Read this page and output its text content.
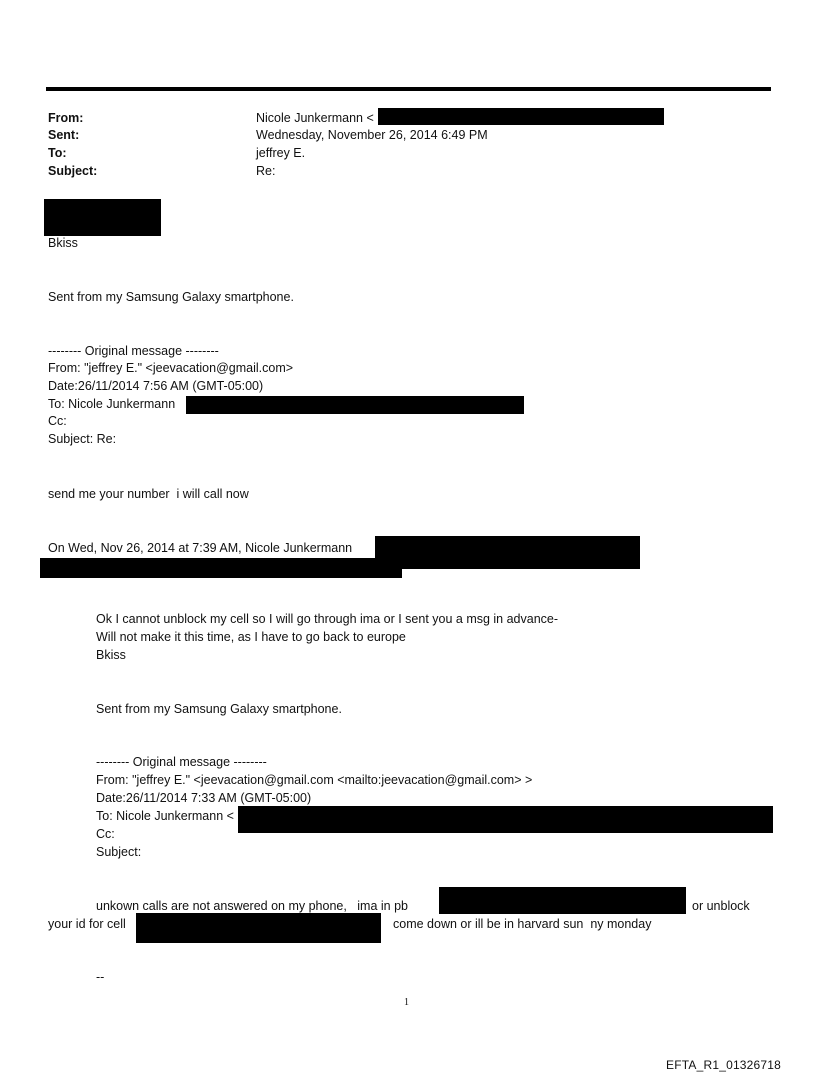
From:	Nicole Junkermann <
Sent:	Wednesday, November 26, 2014 6:49 PM
To:	jeffrey E.
Subject:	Re:
Bkiss
Sent from my Samsung Galaxy smartphone.
-------- Original message --------
From: "jeffrey E." <jeevacation@gmail.com>
Date:26/11/2014 7:56 AM (GMT-05:00)
To: Nicole Junkermann
Cc:
Subject: Re:
send me your number  i will call now
On Wed, Nov 26, 2014 at 7:39 AM, Nicole Junkermann
Ok I cannot unblock my cell so I will go through ima or I sent you a msg in advance-
Will not make it this time, as I have to go back to europe
Bkiss
Sent from my Samsung Galaxy smartphone.
-------- Original message --------
From: "jeffrey E." <jeevacation@gmail.com <mailto:jeevacation@gmail.com> >
Date:26/11/2014 7:33 AM (GMT-05:00)
To: Nicole Junkermann <
Cc:
Subject:
unkown calls are not answered on my phone,   ima in pb	or unblock
your id for cell	come down or ill be in harvard sun  ny monday
--
1
EFTA_R1_01326718
